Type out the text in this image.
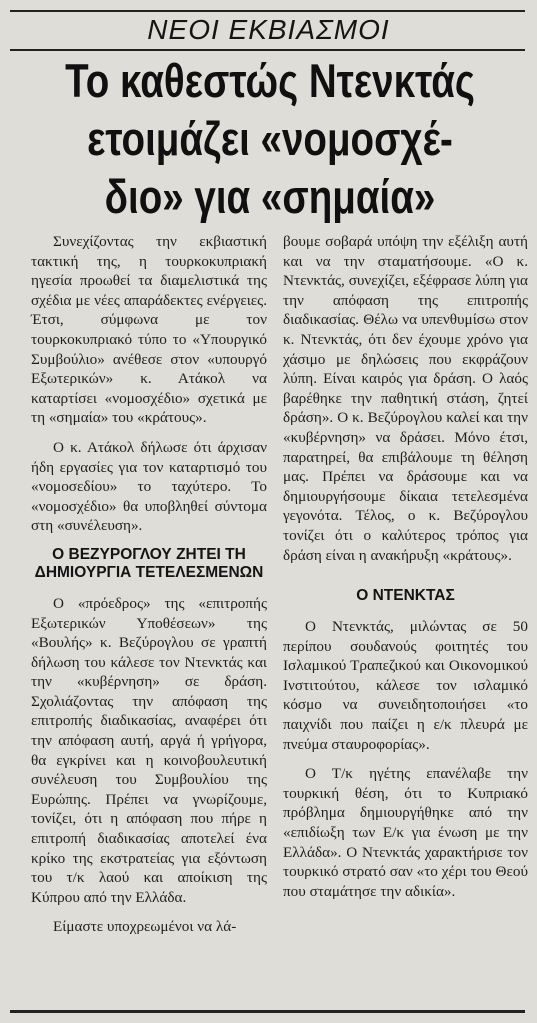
ΝΕΟΙ ΕΚΒΙΑΣΜΟΙ
Το καθεστώς Ντενκτάς
ετοιμάζει «νομοσχέ-
διο» για «σημαία»

Συνεχίζοντας την εκβιαστική τακτική της, η τουρκοκυπριακή ηγεσία προωθεί τα διαμελιστικά της σχέδια με νέες απαράδεκτες ενέργειες. Έτσι, σύμφωνα με τον τουρκοκυπριακό τύπο το «Υπουργικό Συμβούλιο» ανέθεσε στον «υπουργό Εξωτερικών» κ. Ατάκολ να καταρτίσει «νομοσχέδιο» σχετικά με τη «σημαία» του «κράτους».

Ο κ. Ατάκολ δήλωσε ότι άρχισαν ήδη εργασίες για τον καταρτισμό του «νομοσεδίου» το ταχύτερο. Το «νομοσχέδιο» θα υποβληθεί σύντομα στη «συνέλευση».

Ο ΒΕΖΥΡΟΓΛΟΥ ΖΗΤΕΙ ΤΗ ΔΗΜΙΟΥΡΓΙΑ ΤΕΤΕΛΕΣΜΕΝΩΝ

Ο «πρόεδρος» της «επιτροπής Εξωτερικών Υποθέσεων» της «Βουλής» κ. Βεζύρογλου σε γραπτή δήλωση του κάλεσε τον Ντενκτάς και την «κυβέρνηση» σε δράση. Σχολιάζοντας την απόφαση της επιτροπής διαδικασίας, αναφέρει ότι την απόφαση αυτή, αργά ή γρήγορα, θα εγκρίνει και η κοινοβουλευτική συνέλευση του Συμβουλίου της Ευρώπης. Πρέπει να γνωρίζουμε, τονίζει, ότι η απόφαση που πήρε η επιτροπή διαδικασίας αποτελεί ένα κρίκο της εκστρατείας για εξόντωση του τ/κ λαού και αποίκιση της Κύπρου από την Ελλάδα.

Είμαστε υποχρεωμένοι να λά-

βουμε σοβαρά υπόψη την εξέλιξη αυτή και να την σταματήσουμε. «Ο κ. Ντενκτάς, συνεχίζει, εξέφρασε λύπη για την απόφαση της επιτροπής διαδικασίας. Θέλω να υπενθυμίσω στον κ. Ντενκτάς, ότι δεν έχουμε χρόνο για χάσιμο με δηλώσεις που εκφράζουν λύπη. Είναι καιρός για δράση. Ο λαός βαρέθηκε την παθητική στάση, ζητεί δράση». Ο κ. Βεζύρογλου καλεί και την «κυβέρνηση» να δράσει. Μόνο έτσι, παρατηρεί, θα επιβάλουμε τη θέληση μας. Πρέπει να δράσουμε και να δημιουργήσουμε δίκαια τετελεσμένα γεγονότα. Τέλος, ο κ. Βεζύρογλου τονίζει ότι ο καλύτερος τρόπος για δράση είναι η ανακήρυξη «κράτους».

Ο ΝΤΕΝΚΤΑΣ

Ο Ντενκτάς, μιλώντας σε 50 περίπου σουδανούς φοιτητές του Ισλαμικού Τραπεζικού και Οικονομικού Ινστιτούτου, κάλεσε τον ισλαμικό κόσμο να συνειδητοποιήσει «το παιχνίδι που παίζει η ε/κ πλευρά με πνεύμα σταυροφορίας».

Ο Τ/κ ηγέτης επανέλαβε την τουρκική θέση, ότι το Κυπριακό πρόβλημα δημιουργήθηκε από την «επιδίωξη των Ε/κ για ένωση με την Ελλάδα». Ο Ντενκτάς χαρακτήρισε τον τουρκικό στρατό σαν «το χέρι του Θεού που σταμάτησε την αδικία».
